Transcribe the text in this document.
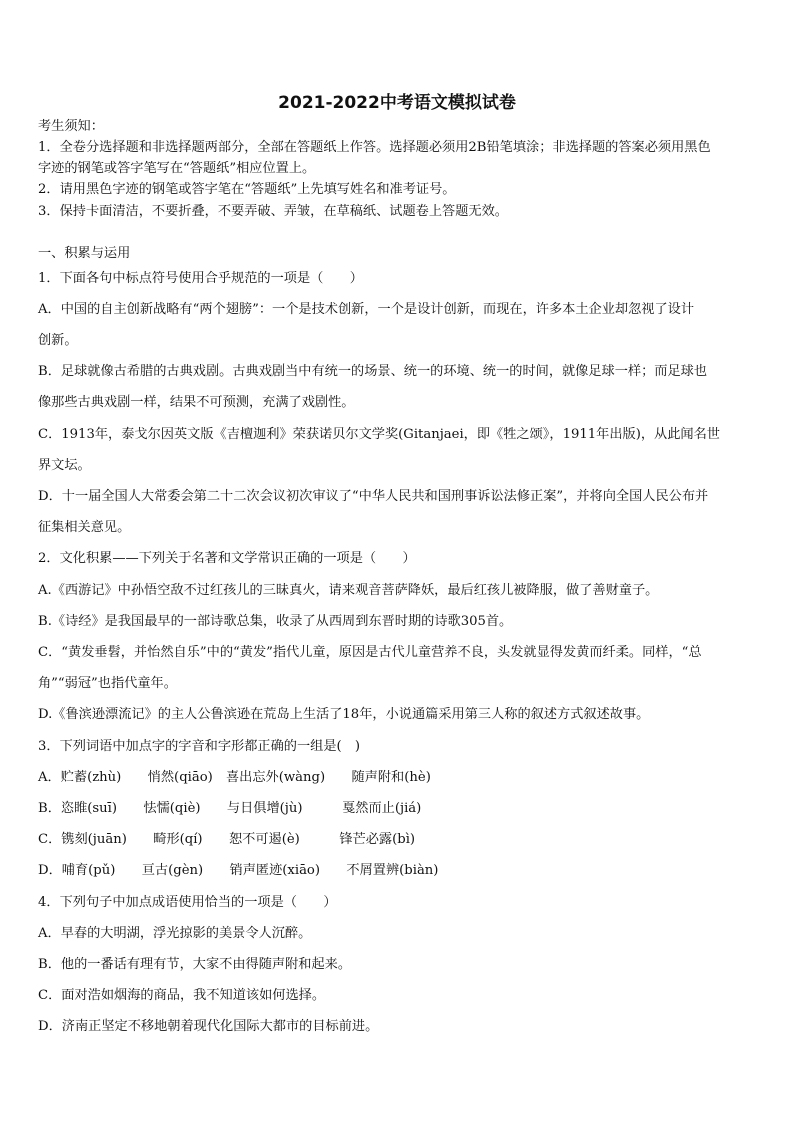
2021-2022中考语文模拟试卷
考生须知：
1．全卷分选择题和非选择题两部分，全部在答题纸上作答。选择题必须用2B铅笔填涂；非选择题的答案必须用黑色
字迹的钢笔或答字笔写在“答题纸”相应位置上。
2．请用黑色字迹的钢笔或答字笔在“答题纸”上先填写姓名和准考证号。
3．保持卡面清洁，不要折叠，不要弄破、弄皱，在草稿纸、试题卷上答题无效。
一、积累与运用
1．下面各句中标点符号使用合乎规范的一项是（　　）
A．中国的自主创新战略有“两个翅膀”：一个是技术创新，一个是设计创新，而现在，许多本土企业却忽视了设计
创新。
B．足球就像古希腊的古典戏剧。古典戏剧当中有统一的场景、统一的环境、统一的时间，就像足球一样；而足球也
像那些古典戏剧一样，结果不可预测，充满了戏剧性。
C．1913年，泰戈尔因英文版《吉檀迦利》荣获诺贝尔文学奖(Gitanjaei，即《牲之颂》，1911年出版)，从此闻名世
界文坛。
D．十一届全国人大常委会第二十二次会议初次审议了“中华人民共和国刑事诉讼法修正案”，并将向全国人民公布并
征集相关意见。
2．文化积累——下列关于名著和文学常识正确的一项是（　　）
A.《西游记》中孙悟空敌不过红孩儿的三昧真火，请来观音菩萨降妖，最后红孩儿被降服，做了善财童子。
B.《诗经》是我国最早的一部诗歌总集，收录了从西周到东晋时期的诗歌305首。
C．“黄发垂髫，并怡然自乐”中的“黄发”指代儿童，原因是古代儿童营养不良，头发就显得发黄而纤柔。同样，“总
角”“弱冠”也指代童年。
D.《鲁滨逊漂流记》的主人公鲁滨逊在荒岛上生活了18年，小说通篇采用第三人称的叙述方式叙述故事。
3．下列词语中加点字的字音和字形都正确的一组是(　)
A．贮蓄(zhù)　　悄然(qiāo)　喜出忘外(wàng)　　随声附和(hè)
B．恣睢(suī)　　怯懦(qiè)　　与日俱增(jù)　　　戛然而止(jiá)
C．镌刻(juān)　　畸形(qí)　　恕不可遏(è)　　　锋芒必露(bì)
D．哺育(pǔ)　　亘古(gèn)　　销声匿迹(xiāo)　　不屑置辨(biàn)
4．下列句子中加点成语使用恰当的一项是（　　）
A．早春的大明湖，浮光掠影的美景令人沉醉。
B．他的一番话有理有节，大家不由得随声附和起来。
C．面对浩如烟海的商品，我不知道该如何选择。
D．济南正坚定不移地朝着现代化国际大都市的目标前进。
